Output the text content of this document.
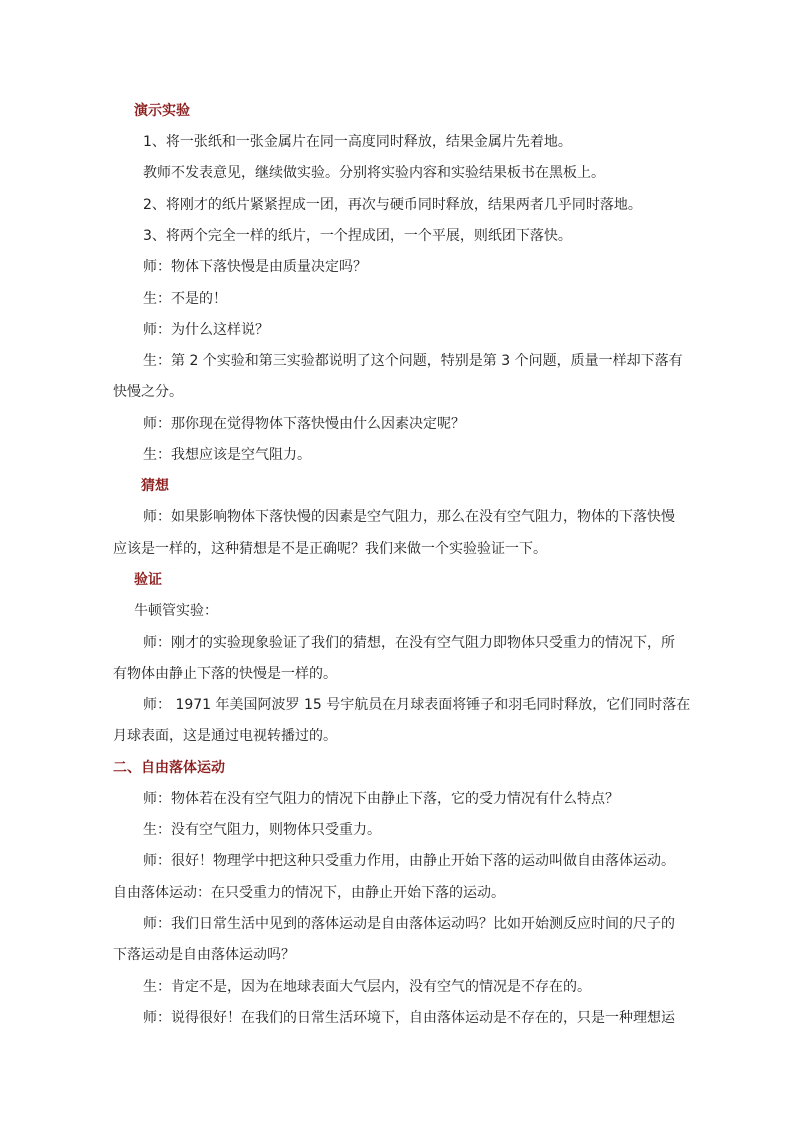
演示实验
1、将一张纸和一张金属片在同一高度同时释放，结果金属片先着地。
教师不发表意见，继续做实验。分别将实验内容和实验结果板书在黑板上。
2、将刚才的纸片紧紧捏成一团，再次与硬币同时释放，结果两者几乎同时落地。
3、将两个完全一样的纸片，一个捏成团，一个平展，则纸团下落快。
师：物体下落快慢是由质量决定吗？
生：不是的！
师：为什么这样说？
生：第 2 个实验和第三实验都说明了这个问题，特别是第 3 个问题，质量一样却下落有
快慢之分。
师：那你现在觉得物体下落快慢由什么因素决定呢？
生：我想应该是空气阻力。
猜想
师：如果影响物体下落快慢的因素是空气阻力，那么在没有空气阻力，物体的下落快慢
应该是一样的，这种猜想是不是正确呢？我们来做一个实验验证一下。
验证
牛顿管实验：
师：刚才的实验现象验证了我们的猜想，在没有空气阻力即物体只受重力的情况下，所
有物体由静止下落的快慢是一样的。
师： 1971 年美国阿波罗 15 号宇航员在月球表面将锤子和羽毛同时释放，它们同时落在
月球表面，这是通过电视转播过的。
二、自由落体运动
师：物体若在没有空气阻力的情况下由静止下落，它的受力情况有什么特点？
生：没有空气阻力，则物体只受重力。
师：很好！物理学中把这种只受重力作用，由静止开始下落的运动叫做自由落体运动。
自由落体运动：在只受重力的情况下，由静止开始下落的运动。
师：我们日常生活中见到的落体运动是自由落体运动吗？比如开始测反应时间的尺子的
下落运动是自由落体运动吗？
生：肯定不是，因为在地球表面大气层内，没有空气的情况是不存在的。
师：说得很好！在我们的日常生活环境下，自由落体运动是不存在的，只是一种理想运
